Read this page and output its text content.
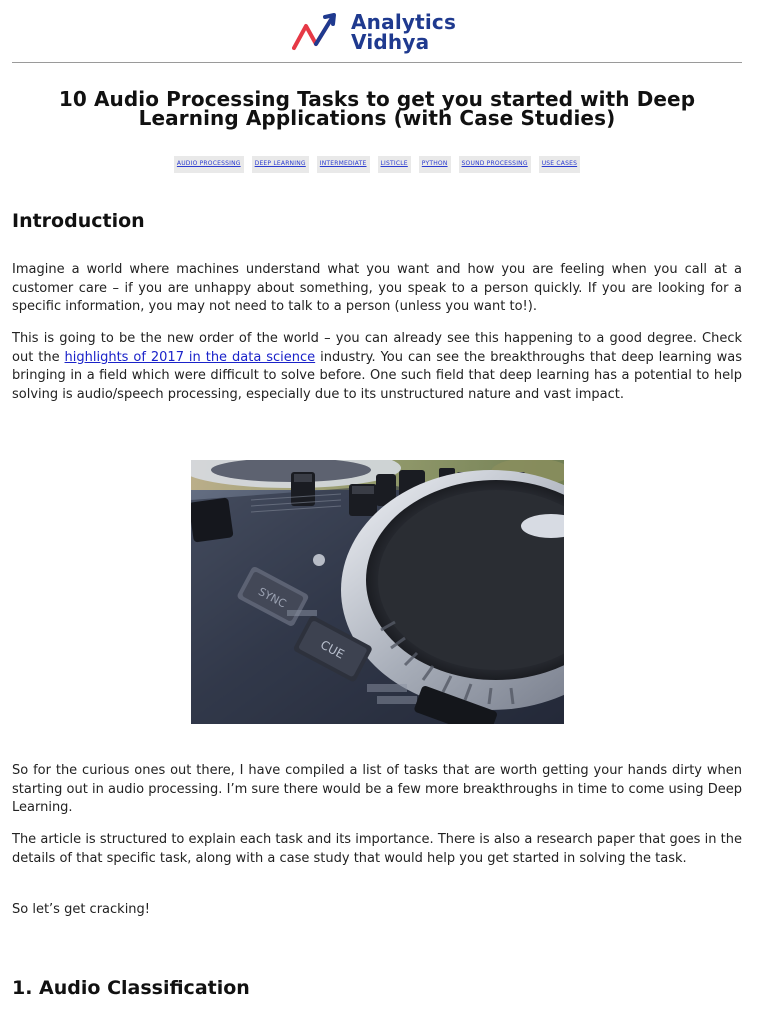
Analytics
Vidhya
10 Audio Processing Tasks to get you started with Deep Learning Applications (with Case Studies)
AUDIO PROCESSING DEEP LEARNING INTERMEDIATE LISTICLE PYTHON SOUND PROCESSING USE CASES
Introduction

Imagine a world where machines understand what you want and how you are feeling when you call at a customer care – if you are unhappy about something, you speak to a person quickly. If you are looking for a specific information, you may not need to talk to a person (unless you want to!).

This is going to be the new order of the world – you can already see this happening to a good degree. Check out the highlights of 2017 in the data science industry. You can see the breakthroughs that deep learning was bringing in a field which were difficult to solve before. One such field that deep learning has a potential to help solving is audio/speech processing, especially due to its unstructured nature and vast impact.

SYNC
CUE

So for the curious ones out there, I have compiled a list of tasks that are worth getting your hands dirty when starting out in audio processing. I’m sure there would be a few more breakthroughs in time to come using Deep Learning.

The article is structured to explain each task and its importance. There is also a research paper that goes in the details of that specific task, along with a case study that would help you get started in solving the task.

So let’s get cracking!

1. Audio Classification
